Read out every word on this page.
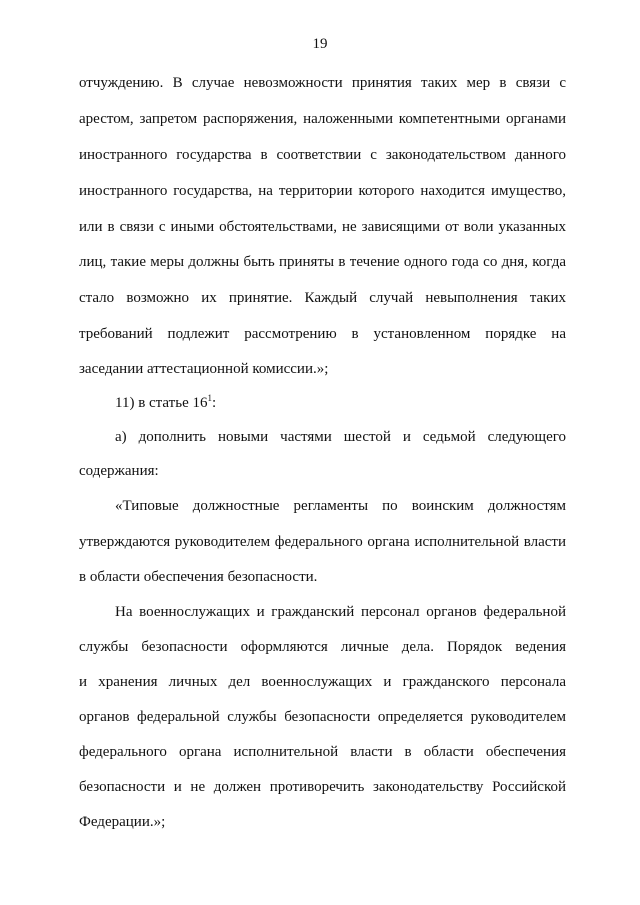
19
отчуждению. В случае невозможности принятия таких мер в связи с
арестом, запретом распоряжения, наложенными компетентными органами
иностранного государства в соответствии с законодательством данного
иностранного государства, на территории которого находится имущество,
или в связи с иными обстоятельствами, не зависящими от воли указанных
лиц, такие меры должны быть приняты в течение одного года со дня, когда
стало возможно их принятие. Каждый случай невыполнения таких
требований подлежит рассмотрению в установленном порядке на
заседании аттестационной комиссии.»;
11) в статье $16^1$:
а) дополнить новыми частями шестой и седьмой следующего
содержания:
«Типовые должностные регламенты по воинским должностям
утверждаются руководителем федерального органа исполнительной власти
в области обеспечения безопасности.
На военнослужащих и гражданский персонал органов федеральной
службы безопасности оформляются личные дела. Порядок ведения
и хранения личных дел военнослужащих и гражданского персонала
органов федеральной службы безопасности определяется руководителем
федерального органа исполнительной власти в области обеспечения
безопасности и не должен противоречить законодательству Российской
Федерации.»;
